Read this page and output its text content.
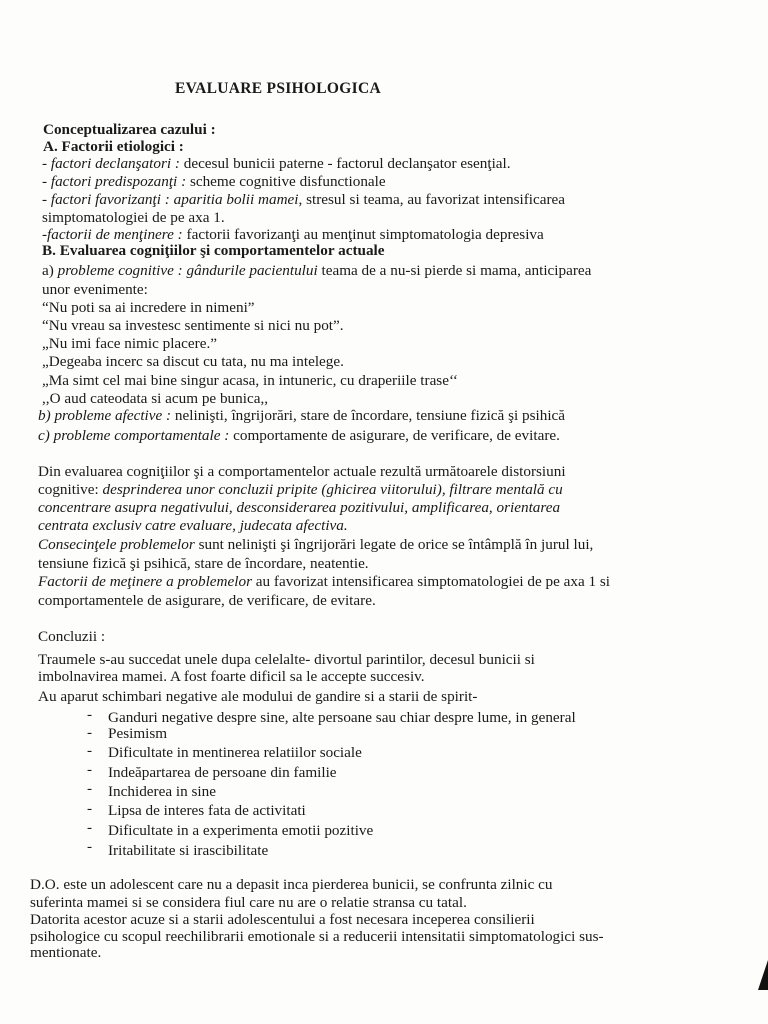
EVALUARE PSIHOLOGICA
Conceptualizarea cazului :
A. Factorii etiologici :
- factori declanşatori : decesul bunicii paterne - factorul declanşator esenţial.
- factori predispozanţi : scheme cognitive disfunctionale
- factori favorizanţi : aparitia bolii mamei, stresul si teama, au favorizat intensificarea
simptomatologiei de pe axa 1.
-factorii de menţinere : factorii favorizanţi au menţinut simptomatologia depresiva
B. Evaluarea cogniţiilor şi comportamentelor actuale
a) probleme cognitive : gândurile pacientului teama de a nu-si pierde si mama, anticiparea
unor evenimente:
“Nu poti sa ai incredere in nimeni”
“Nu vreau sa investesc sentimente si nici nu pot”.
„Nu imi face nimic placere.”
„Degeaba incerc sa discut cu tata, nu ma intelege.
„Ma simt cel mai bine singur acasa, in intuneric, cu draperiile trase‘‘
,,O aud cateodata si acum pe bunica,,
b) probleme afective : nelinişti, îngrijorări, stare de încordare, tensiune fizică şi psihică
c) probleme comportamentale : comportamente de asigurare, de verificare, de evitare.
Din evaluarea cogniţiilor şi a comportamentelor actuale rezultă următoarele distorsiuni
cognitive: desprinderea unor concluzii pripite (ghicirea viitorului), filtrare mentală cu
concentrare asupra negativului, desconsiderarea pozitivului, amplificarea, orientarea
centrata exclusiv catre evaluare, judecata afectiva.
Consecinţele problemelor sunt nelinişti şi îngrijorări legate de orice se întâmplă în jurul lui,
tensiune fizică şi psihică, stare de încordare, neatentie.
Factorii de meţinere a problemelor au favorizat intensificarea simptomatologiei de pe axa 1 si
comportamentele de asigurare, de verificare, de evitare.
Concluzii :
Traumele s-au succedat unele dupa celelalte- divortul parintilor, decesul bunicii si
imbolnavirea mamei. A fost foarte dificil sa le accepte succesiv.
Au aparut schimbari negative ale modului de gandire si a starii de spirit-
- Ganduri negative despre sine, alte persoane sau chiar despre lume, in general
- Pesimism
- Dificultate in mentinerea relatiilor sociale
- Indeăpartarea de persoane din familie
- Inchiderea in sine
- Lipsa de interes fata de activitati
- Dificultate in a experimenta emotii pozitive
- Iritabilitate si irascibilitate
D.O. este un adolescent care nu a depasit inca pierderea bunicii, se confrunta zilnic cu
suferinta mamei si se considera fiul care nu are o relatie stransa cu tatal.
Datorita acestor acuze si a starii adolescentului a fost necesara inceperea consilierii
psihologice cu scopul reechilibrarii emotionale si a reducerii intensitatii simptomatologici sus-
mentionate.
